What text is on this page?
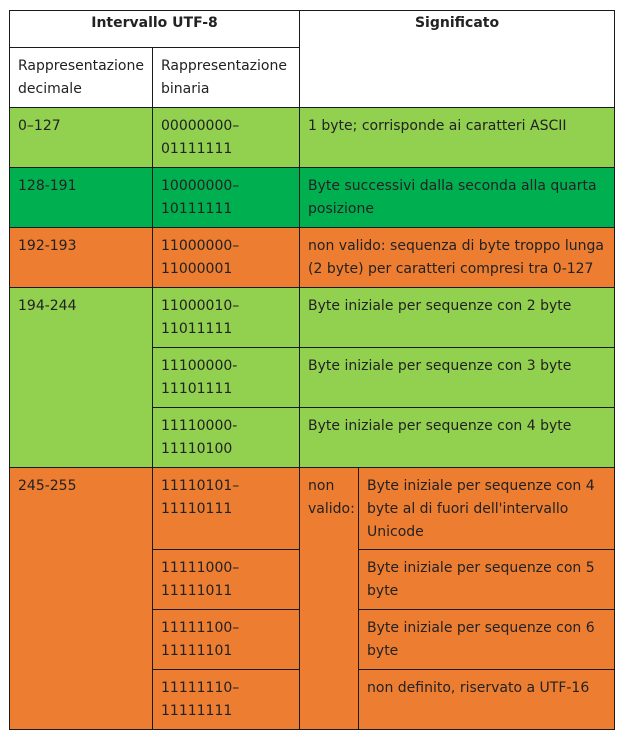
Intervallo UTF-8		Significato	
Rappresentazione decimale	Rappresentazione binaria		
0–127	00000000–01111111	1 byte; corrisponde ai caratteri ASCII	
128-191	10000000–10111111	Byte successivi dalla seconda alla quarta posizione	
192-193	11000000–11000001	non valido: sequenza di byte troppo lunga (2 byte) per caratteri compresi tra 0-127	
194-244	11000010–11011111	Byte iniziale per sequenze con 2 byte	
	11100000-11101111	Byte iniziale per sequenze con 3 byte	
	11110000-11110100	Byte iniziale per sequenze con 4 byte	
245-255	11110101–11110111	non valido:	Byte iniziale per sequenze con 4 byte al di fuori dell'intervallo Unicode
	11111000–11111011		Byte iniziale per sequenze con 5 byte
	11111100–11111101		Byte iniziale per sequenze con 6 byte
	11111110–11111111		non definito, riservato a UTF-16
